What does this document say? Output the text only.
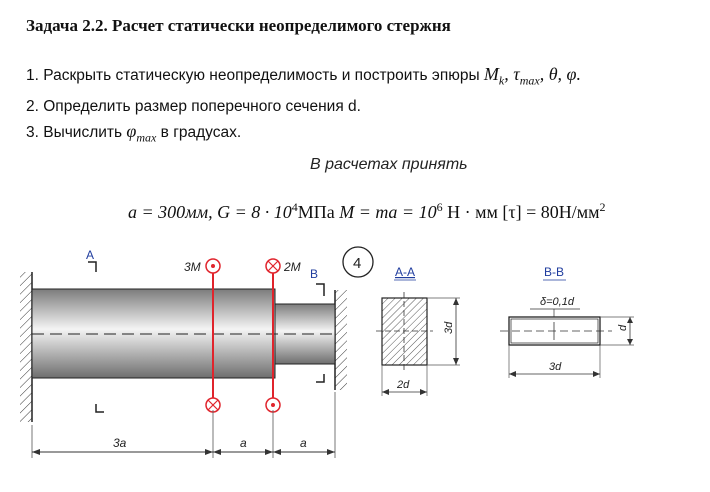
Задача 2.2. Расчет статически неопределимого стержня
1. Раскрыть статическую неопределимость и построить эпюры $M_k$, $\tau_{max}$, θ, φ.
2. Определить размер поперечного сечения d.
3. Вычислить $\varphi_{max}$ в градусах.
В расчетах принять
a = 300мм, $G = 8 \cdot 10^4МПа$ M = ma = $10^6$ Н · мм $[\tau] = 80Н/мм^2$
A
B
3M	2M	4
3a	a	a
A-A
3d
2d
B-B
δ=0,1d
d
3d
